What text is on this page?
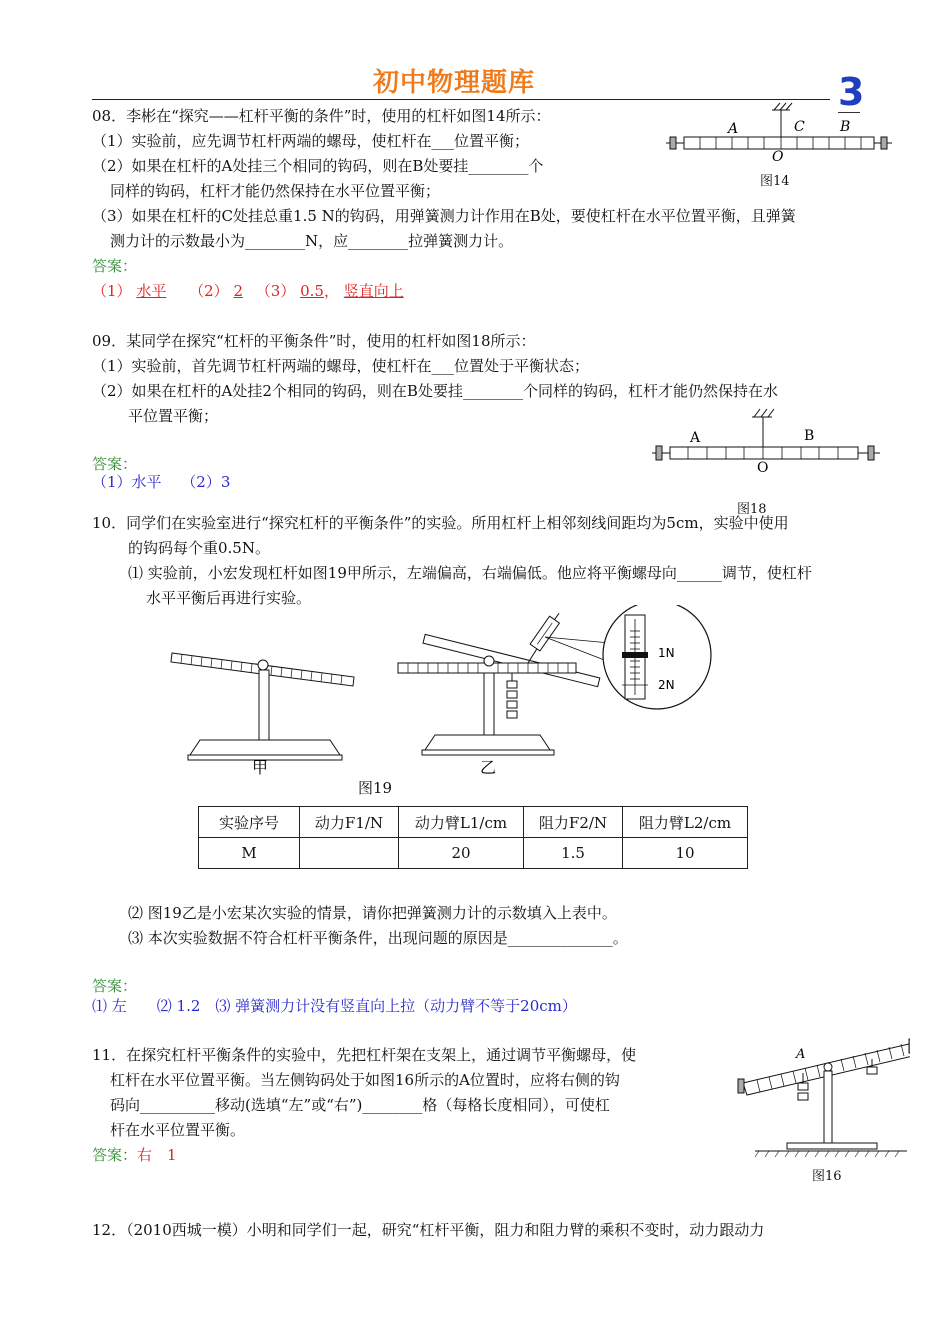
初中物理题库	3
08．李彬在“探究——杠杆平衡的条件”时，使用的杠杆如图14所示：
（1）实验前，应先调节杠杆两端的螺母，使杠杆在___位置平衡；
（2）如果在杠杆的A处挂三个相同的钩码，则在B处要挂________个
同样的钩码，杠杆才能仍然保持在水平位置平衡；
（3）如果在杠杆的C处挂总重1.5 N的钩码，用弹簧测力计作用在B处，要使杠杆在水平位置平衡，且弹簧
测力计的示数最小为________N，应________拉弹簧测力计。
答案：
（1） 水平 （2） 2 （3） 0.5， 竖直向上
A	C	B
O
图14
09．某同学在探究“杠杆的平衡条件”时，使用的杠杆如图18所示：
（1）实验前，首先调节杠杆两端的螺母，使杠杆在___位置处于平衡状态；
（2）如果在杠杆的A处挂2个相同的钩码，则在B处要挂________个同样的钩码，杠杆才能仍然保持在水
平位置平衡；
答案：
（1）水平　 （2）3
A	B
O
图18
10．同学们在实验室进行“探究杠杆的平衡条件”的实验。所用杠杆上相邻刻线间距均为5cm，实验中使用
的钩码每个重0.5N。
⑴ 实验前，小宏发现杠杆如图19甲所示，左端偏高，右端偏低。他应将平衡螺母向______调节，使杠杆
水平平衡后再进行实验。
甲
1N
2N
乙
图19
实验序号	动力F1/N	动力臂L1/cm	阻力F2/N	阻力臂L2/cm
M		20	1.5	10
⑵ 图19乙是小宏某次实验的情景，请你把弹簧测力计的示数填入上表中。
⑶ 本次实验数据不符合杠杆平衡条件，出现问题的原因是______________。
答案：
⑴ 左　　⑵ 1.2　⑶ 弹簧测力计没有竖直向上拉（动力臂不等于20cm）
11．在探究杠杆平衡条件的实验中，先把杠杆架在支架上，通过调节平衡螺母，使
杠杆在水平位置平衡。当左侧钩码处于如图16所示的A位置时，应将右侧的钩
码向__________移动(选填“左”或“右”)________格（每格长度相同），可使杠
杆在水平位置平衡。
答案：右　1
A
图16
12．（2010西城一模）小明和同学们一起，研究“杠杆平衡，阻力和阻力臂的乘积不变时，动力跟动力
